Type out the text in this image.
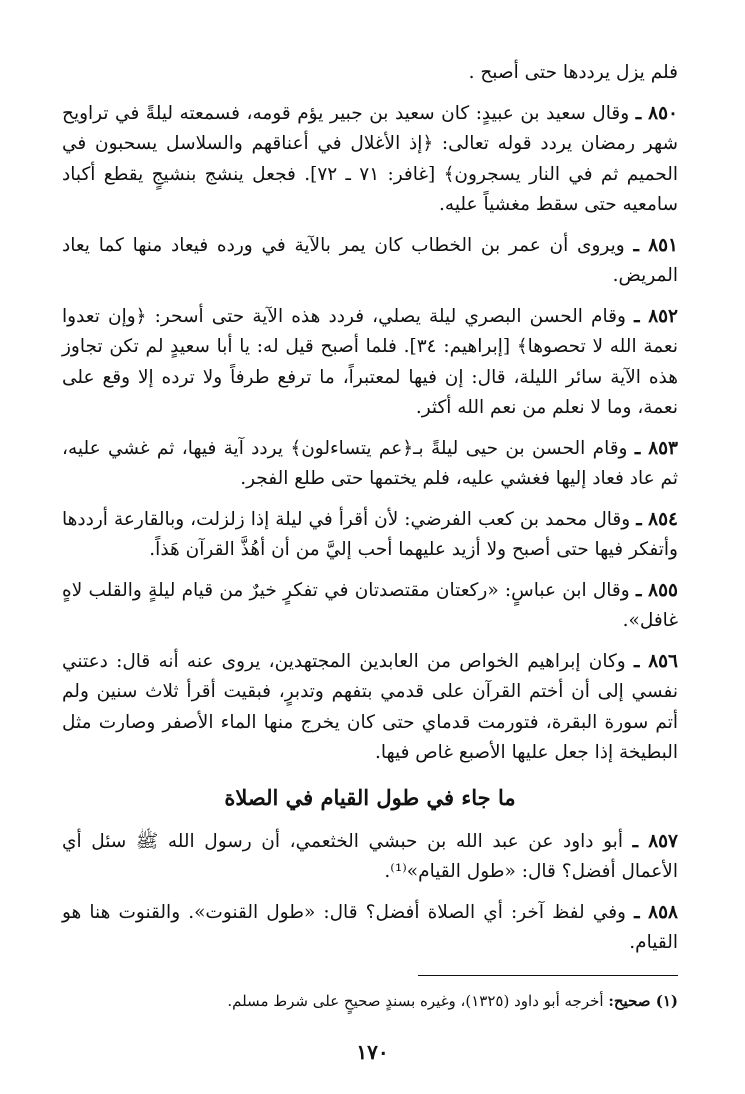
فلم يزل يرددها حتى أصبح .

٨٥٠ ـ وقال سعيد بن عبيدٍ: كان سعيد بن جبير يؤم قومه، فسمعته ليلةً في تراويح شهر رمضان يردد قوله تعالى: ﴿إذ الأغلال في أعناقهم والسلاسل يسحبون في الحميم ثم في النار يسجرون﴾ [غافر: ٧١ ـ ٧٢]. فجعل ينشج بنشيجٍ يقطع أكباد سامعيه حتى سقط مغشياً عليه.

٨٥١ ـ ويروى أن عمر بن الخطاب كان يمر بالآية في ورده فيعاد منها كما يعاد المريض.

٨٥٢ ـ وقام الحسن البصري ليلة يصلي، فردد هذه الآية حتى أسحر: ﴿وإن تعدوا نعمة الله لا تحصوها﴾ [إبراهيم: ٣٤]. فلما أصبح قيل له: يا أبا سعيدٍ لم تكن تجاوز هذه الآية سائر الليلة، قال: إن فيها لمعتبراً، ما ترفع طرفاً ولا ترده إلا وقع على نعمة، وما لا نعلم من نعم الله أكثر.

٨٥٣ ـ وقام الحسن بن حيى ليلةً بـ﴿عم يتساءلون﴾ يردد آية فيها، ثم غشي عليه، ثم عاد فعاد إليها فغشي عليه، فلم يختمها حتى طلع الفجر.

٨٥٤ ـ وقال محمد بن كعب الفرضي: لأن أقرأ في ليلة إذا زلزلت، وبالقارعة أرددها وأتفكر فيها حتى أصبح ولا أزيد عليهما أحب إليَّ من أن أهُذَّ القرآن هَذاً.

٨٥٥ ـ وقال ابن عباسٍ: «ركعتان مقتصدتان في تفكرٍ خيرٌ من قيام ليلةٍ والقلب لاهٍ غافل».

٨٥٦ ـ وكان إبراهيم الخواص من العابدين المجتهدين، يروى عنه أنه قال: دعتني نفسي إلى أن أختم القرآن على قدمي بتفهم وتدبرٍ، فبقيت أقرأ ثلاث سنين ولم أتم سورة البقرة، فتورمت قدماي حتى كان يخرج منها الماء الأصفر وصارت مثل البطيخة إذا جعل عليها الأصبع غاص فيها.

ما جاء في طول القيام في الصلاة

٨٥٧ ـ أبو داود عن عبد الله بن حبشي الخثعمي، أن رسول الله ﷺ سئل أي الأعمال أفضل؟ قال: «طول القيام»⁽¹⁾.

٨٥٨ ـ وفي لفظ آخر: أي الصلاة أفضل؟ قال: «طول القنوت». والقنوت هنا هو القيام.

(١) صحيح: أخرجه أبو داود (١٣٢٥)، وغيره بسندٍ صحيحٍ على شرط مسلم.
١٧٠
